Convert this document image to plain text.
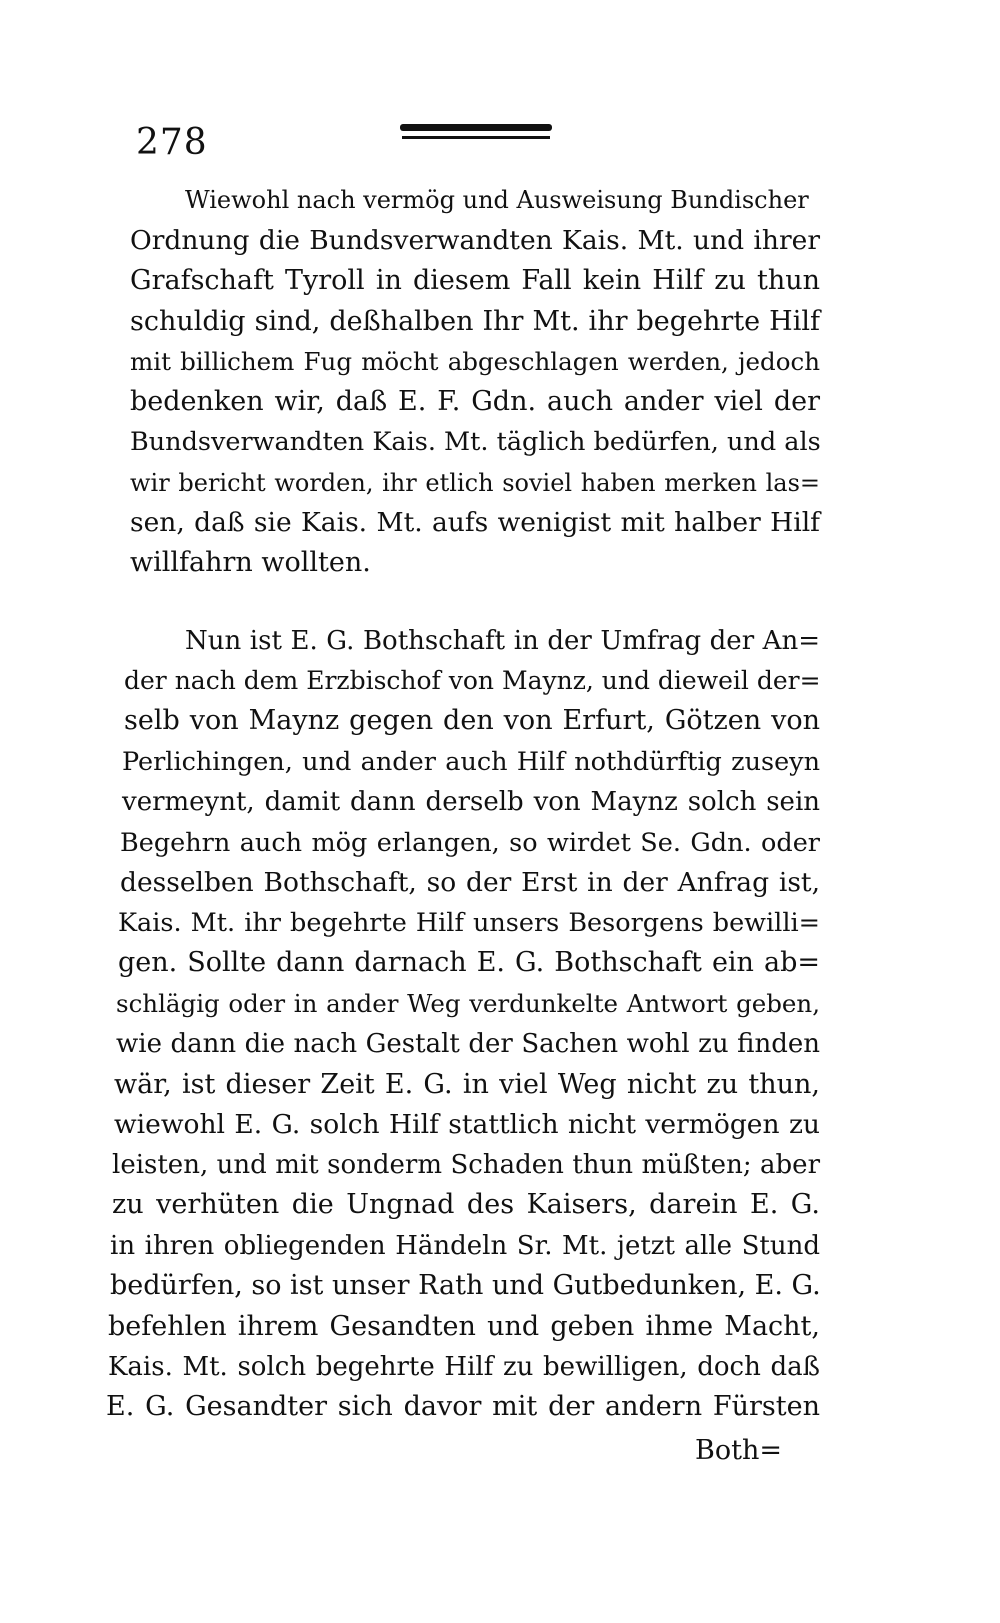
278
Wiewohl nach vermög und Ausweisung Bundischer
Ordnung die Bundsverwandten Kais. Mt. und ihrer
Grafschaft Tyroll in diesem Fall kein Hilf zu thun
schuldig sind, deßhalben Ihr Mt. ihr begehrte Hilf
mit billichem Fug möcht abgeschlagen werden, jedoch
bedenken wir, daß E. F. Gdn. auch ander viel der
Bundsverwandten Kais. Mt. täglich bedürfen, und als
wir bericht worden, ihr etlich soviel haben merken las=
sen, daß sie Kais. Mt. aufs wenigist mit halber Hilf
willfahrn wollten.
Nun ist E. G. Bothschaft in der Umfrag der An=
der nach dem Erzbischof von Maynz, und dieweil der=
selb von Maynz gegen den von Erfurt, Götzen von
Perlichingen, und ander auch Hilf nothdürftig zuseyn
vermeynt, damit dann derselb von Maynz solch sein
Begehrn auch mög erlangen, so wirdet Se. Gdn. oder
desselben Bothschaft, so der Erst in der Anfrag ist,
Kais. Mt. ihr begehrte Hilf unsers Besorgens bewilli=
gen. Sollte dann darnach E. G. Bothschaft ein ab=
schlägig oder in ander Weg verdunkelte Antwort geben,
wie dann die nach Gestalt der Sachen wohl zu finden
wär, ist dieser Zeit E. G. in viel Weg nicht zu thun,
wiewohl E. G. solch Hilf stattlich nicht vermögen zu
leisten, und mit sonderm Schaden thun müßten; aber
zu verhüten die Ungnad des Kaisers, darein E. G.
in ihren obliegenden Händeln Sr. Mt. jetzt alle Stund
bedürfen, so ist unser Rath und Gutbedunken, E. G.
befehlen ihrem Gesandten und geben ihme Macht,
Kais. Mt. solch begehrte Hilf zu bewilligen, doch daß
E. G. Gesandter sich davor mit der andern Fürsten
Both=
